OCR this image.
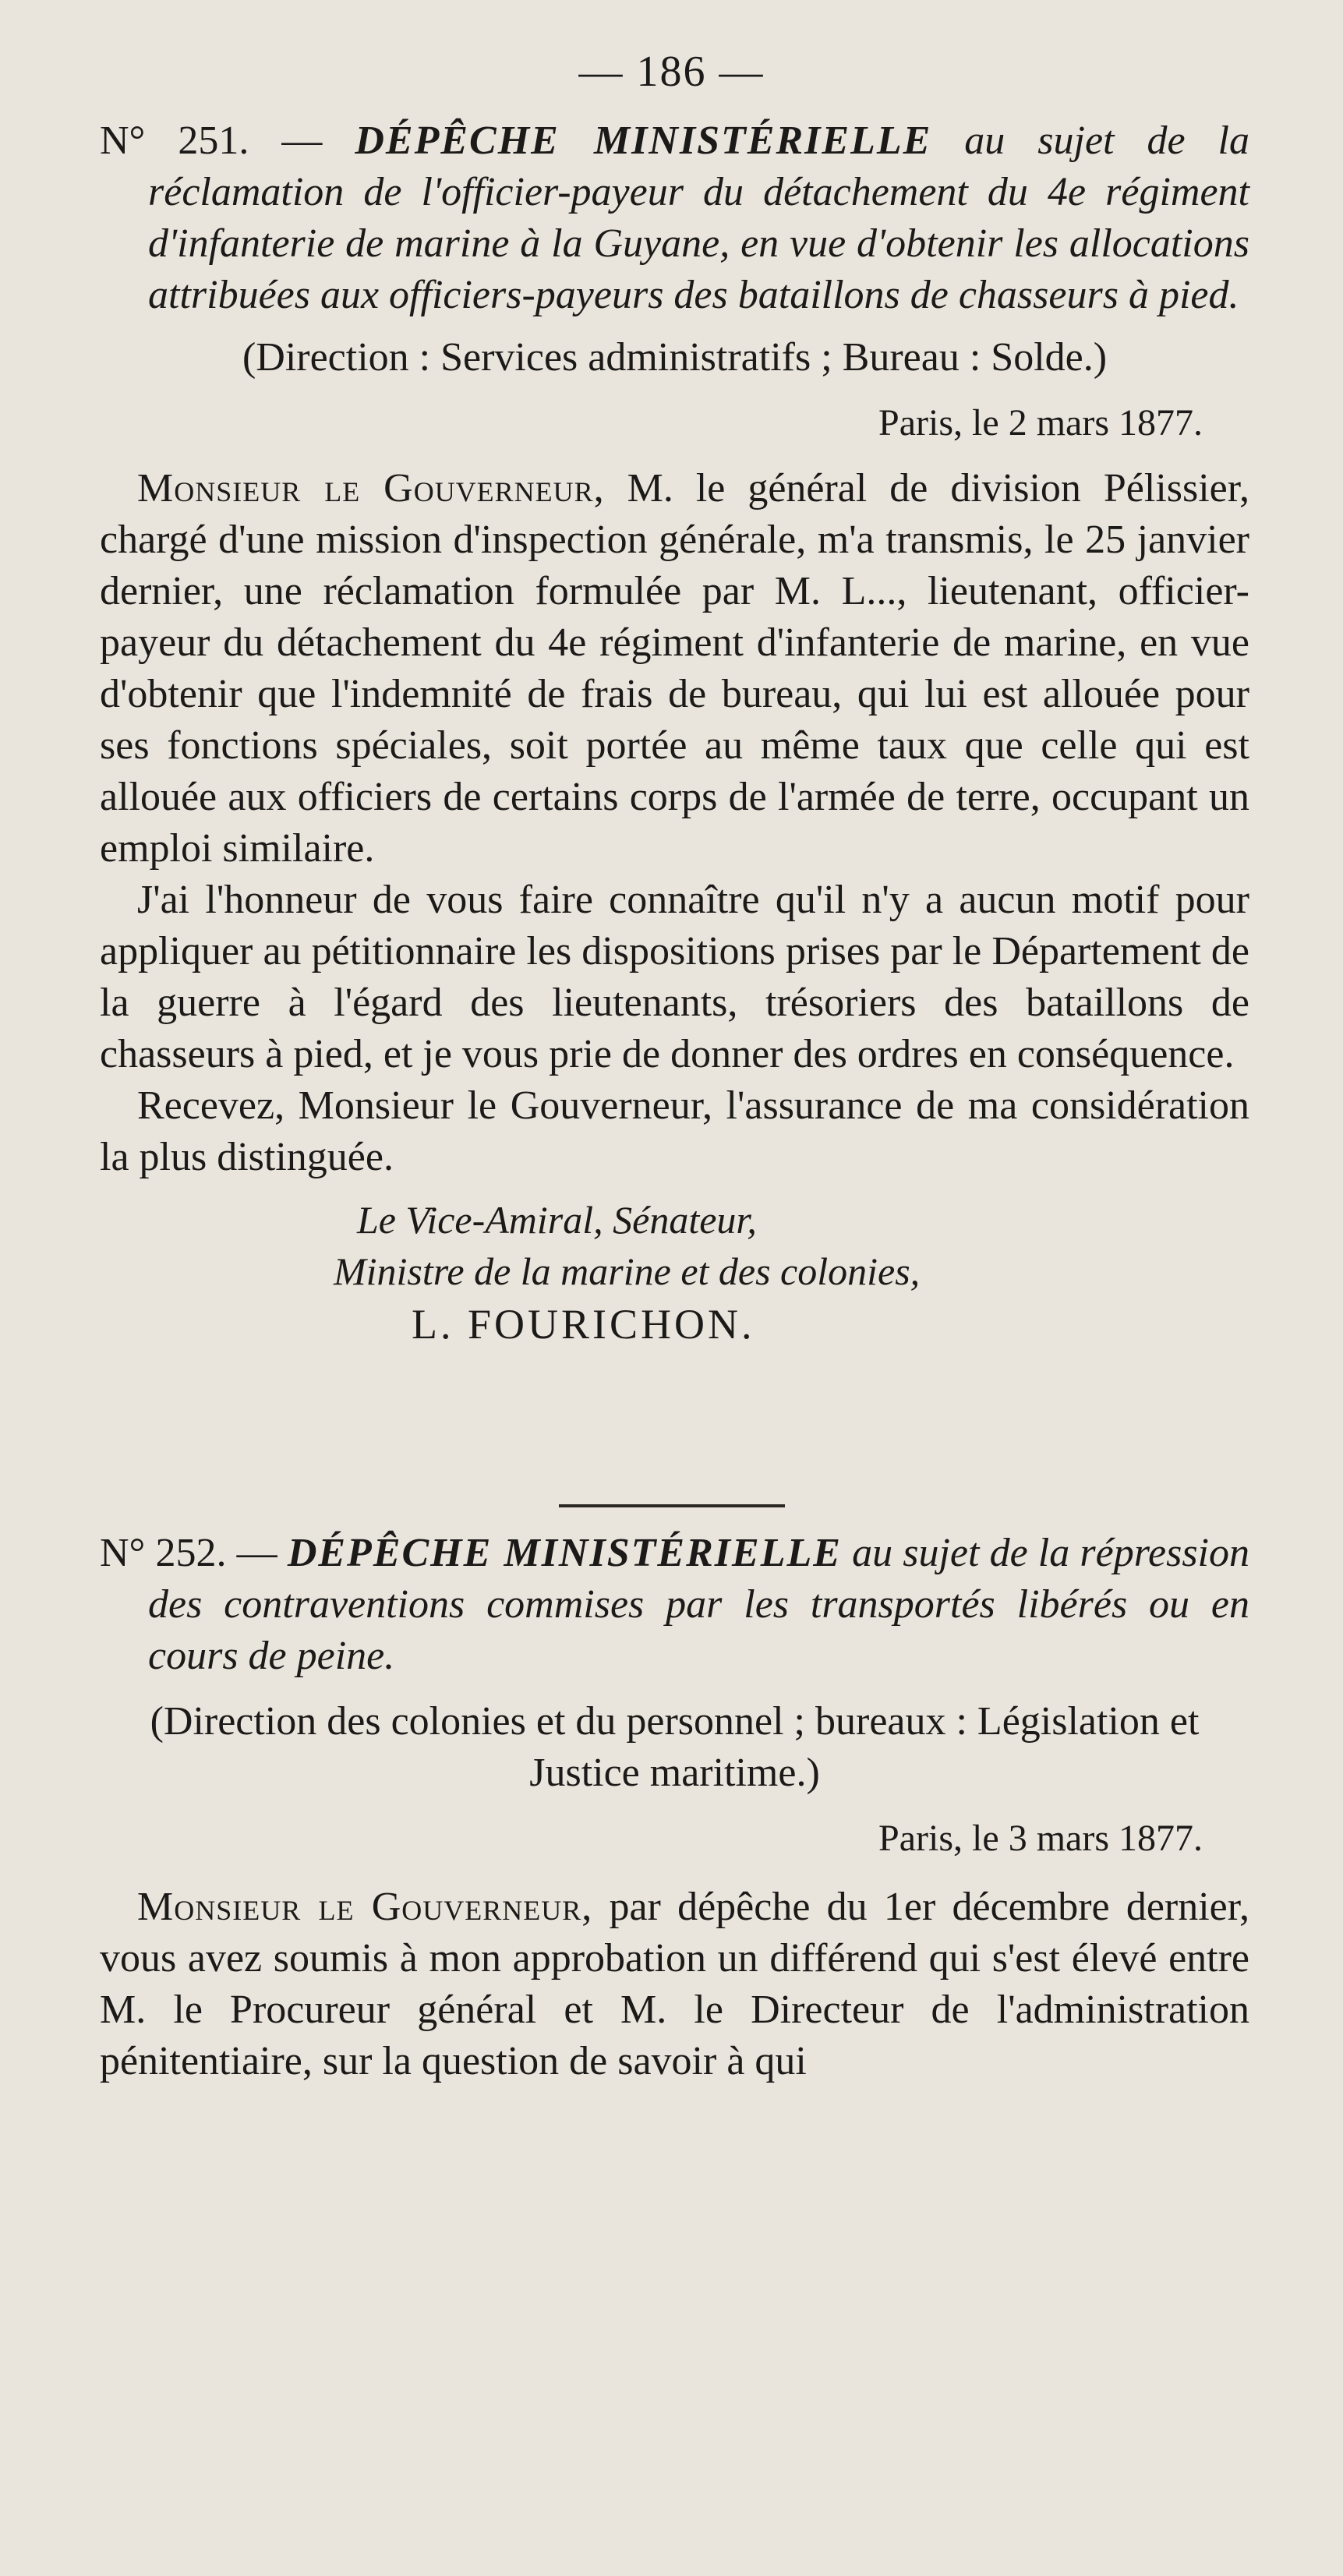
— 186 —

N° 251. — DÉPÊCHE MINISTÉRIELLE au sujet de la réclamation de l'officier-payeur du détachement du 4e régiment d'infanterie de marine à la Guyane, en vue d'obtenir les allocations attribuées aux officiers-payeurs des bataillons de chasseurs à pied.

(Direction : Services administratifs ; Bureau : Solde.)

Paris, le 2 mars 1877.

Monsieur le Gouverneur, M. le général de division Pélissier, chargé d'une mission d'inspection générale, m'a transmis, le 25 janvier dernier, une réclamation formulée par M. L..., lieutenant, officier-payeur du détachement du 4e régiment d'infanterie de marine, en vue d'obtenir que l'indemnité de frais de bureau, qui lui est allouée pour ses fonctions spéciales, soit portée au même taux que celle qui est allouée aux officiers de certains corps de l'armée de terre, occupant un emploi similaire.

J'ai l'honneur de vous faire connaître qu'il n'y a aucun motif pour appliquer au pétitionnaire les dispositions prises par le Département de la guerre à l'égard des lieutenants, trésoriers des bataillons de chasseurs à pied, et je vous prie de donner des ordres en conséquence.

Recevez, Monsieur le Gouverneur, l'assurance de ma considération la plus distinguée.

Le Vice-Amiral, Sénateur,

Ministre de la marine et des colonies,

L. FOURICHON.

N° 252. — DÉPÊCHE MINISTÉRIELLE au sujet de la répression des contraventions commises par les transportés libérés ou en cours de peine.

(Direction des colonies et du personnel ; bureaux : Législation et Justice maritime.)

Paris, le 3 mars 1877.

Monsieur le Gouverneur, par dépêche du 1er décembre dernier, vous avez soumis à mon approbation un différend qui s'est élevé entre M. le Procureur général et M. le Directeur de l'administration pénitentiaire, sur la question de savoir à qui
